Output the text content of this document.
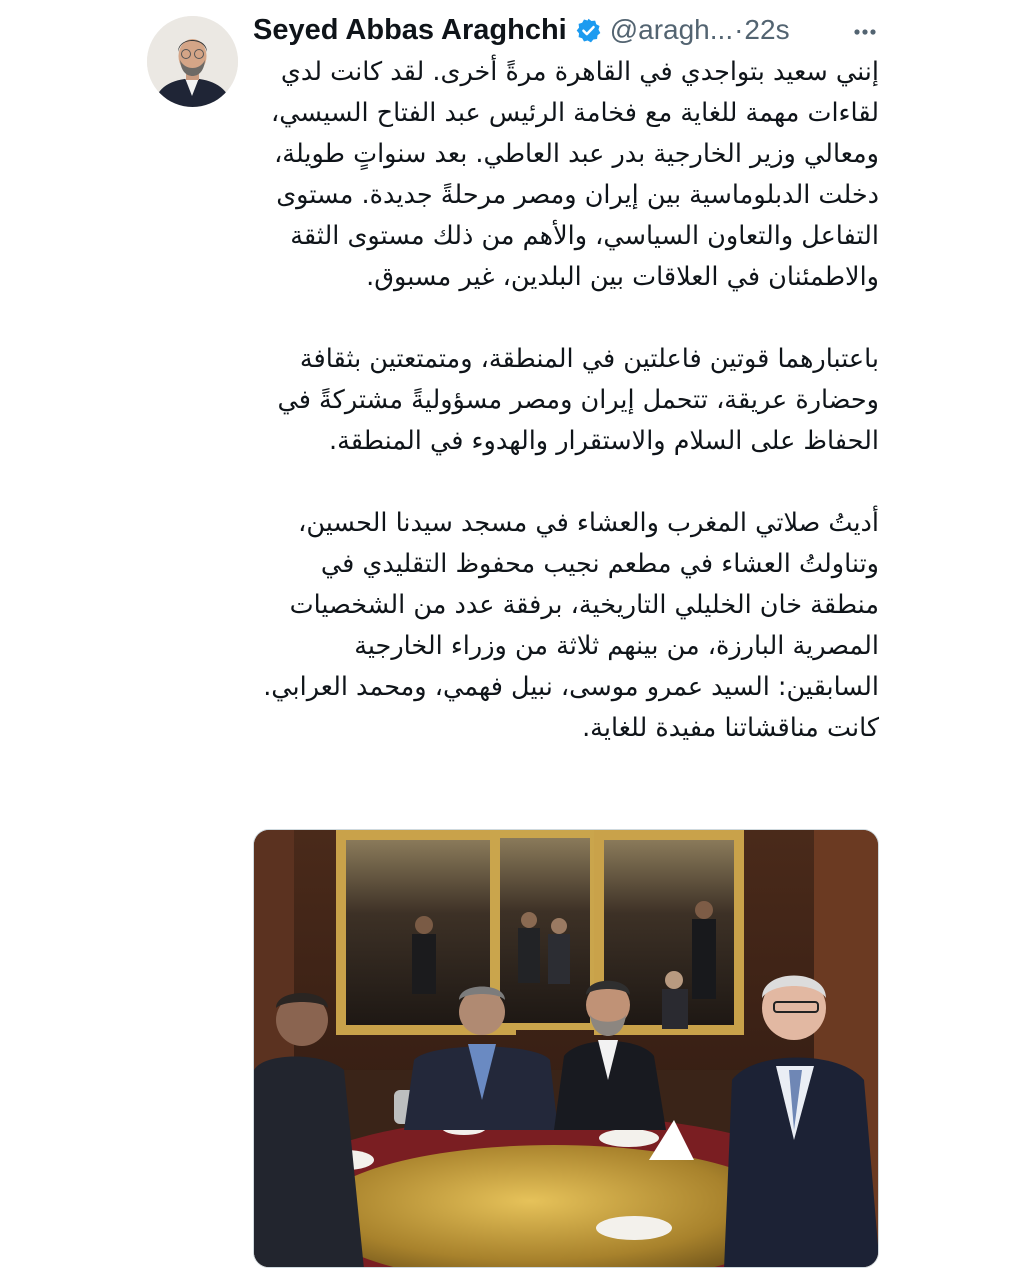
Seyed Abbas Araghchi @aragh... · 22s

إنني سعيد بتواجدي في القاهرة مرةً أخرى. لقد كانت لدي لقاءات مهمة للغاية مع فخامة الرئيس عبد الفتاح السيسي، ومعالي وزير الخارجية بدر عبد العاطي. بعد سنواتٍ طويلة، دخلت الدبلوماسية بين إيران ومصر مرحلةً جديدة. مستوى التفاعل والتعاون السياسي، والأهم من ذلك مستوى الثقة والاطمئنان في العلاقات بين البلدين، غير مسبوق.

باعتبارهما قوتين فاعلتين في المنطقة، ومتمتعتين بثقافة وحضارة عريقة، تتحمل إيران ومصر مسؤوليةً مشتركةً في الحفاظ على السلام والاستقرار والهدوء في المنطقة.

أديتُ صلاتي المغرب والعشاء في مسجد سيدنا الحسين، وتناولتُ العشاء في مطعم نجيب محفوظ التقليدي في منطقة خان الخليلي التاريخية، برفقة عدد من الشخصيات المصرية البارزة، من بينهم ثلاثة من وزراء الخارجية السابقين: السيد عمرو موسى، نبيل فهمي، ومحمد العرابي. كانت مناقشاتنا مفيدة للغاية.
